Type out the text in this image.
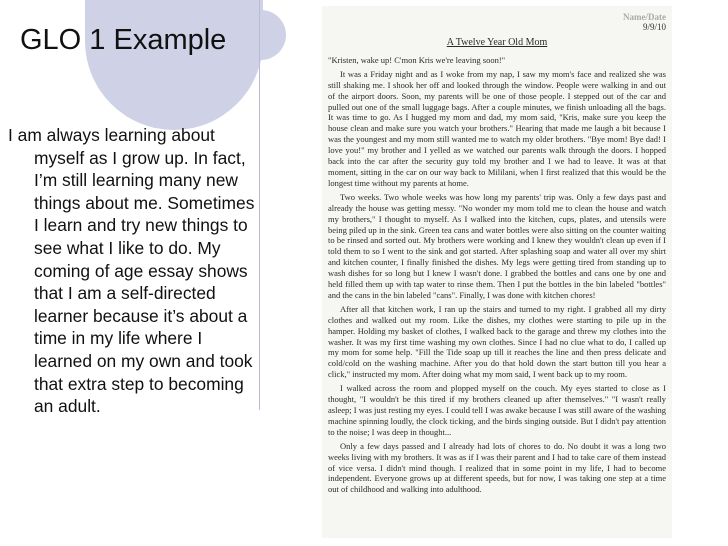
GLO 1 Example
I am always learning about myself as I grow up. In fact, I’m still learning many new things about me. Sometimes I learn and try new things to see what I like to do. My coming of age essay shows that I am a self-directed learner because it’s about a time in my life where I learned on my own and took that extra step to becoming an adult.
Name/Date
9/9/10
A Twelve Year Old Mom

"Kristen, wake up! C'mon Kris we're leaving soon!"

It was a Friday night and as I woke from my nap, I saw my mom's face and realized she was still shaking me. I shook her off and looked through the window. People were walking in and out of the airport doors. Soon, my parents will be one of those people. I stepped out of the car and pulled out one of the small luggage bags. After a couple minutes, we finish unloading all the bags. It was time to go. As I hugged my mom and dad, my mom said, "Kris, make sure you keep the house clean and make sure you watch your brothers." Hearing that made me laugh a bit because I was the youngest and my mom still wanted me to watch my older brothers. "Bye mom! Bye dad! I love you!" my brother and I yelled as we watched our parents walk through the doors. I hopped back into the car after the security guy told my brother and I we had to leave. It was at that moment, sitting in the car on our way back to Mililani, when I first realized that this would be the longest time without my parents at home.

Two weeks. Two whole weeks was how long my parents' trip was. Only a few days past and already the house was getting messy. "No wonder my mom told me to clean the house and watch my brothers," I thought to myself. As I walked into the kitchen, cups, plates, and utensils were being piled up in the sink. Green tea cans and water bottles were also sitting on the counter waiting to be rinsed and sorted out. My brothers were working and I knew they wouldn't clean up even if I told them to so I went to the sink and got started. After splashing soap and water all over my shirt and kitchen counter, I finally finished the dishes. My legs were getting tired from standing up to wash dishes for so long but I knew I wasn't done. I grabbed the bottles and cans one by one and held filled them up with tap water to rinse them. Then I put the bottles in the bin labeled "bottles" and the cans in the bin labeled "cans". Finally, I was done with kitchen chores!

After all that kitchen work, I ran up the stairs and turned to my right. I grabbed all my dirty clothes and walked out my room. Like the dishes, my clothes were starting to pile up in the hamper. Holding my basket of clothes, I walked back to the garage and threw my clothes into the washer. It was my first time washing my own clothes. Since I had no clue what to do, I called up my mom for some help. "Fill the Tide soap up till it reaches the line and then press delicate and cold/cold on the washing machine. After you do that hold down the start button till you hear a click," instructed my mom. After doing what my mom said, I went back up to my room.

I walked across the room and plopped myself on the couch. My eyes started to close as I thought, "I wouldn't be this tired if my brothers cleaned up after themselves." "I wasn't really asleep; I was just resting my eyes. I could tell I was awake because I was still aware of the washing machine spinning loudly, the clock ticking, and the birds singing outside. But I didn't pay attention to the noise; I was deep in thought...

Only a few days passed and I already had lots of chores to do. No doubt it was a long two weeks living with my brothers. It was as if I was their parent and I had to take care of them instead of vice versa. I didn't mind though. I realized that in some point in my life, I had to become independent. Everyone grows up at different speeds, but for now, I was taking one step at a time out of childhood and walking into adulthood.
